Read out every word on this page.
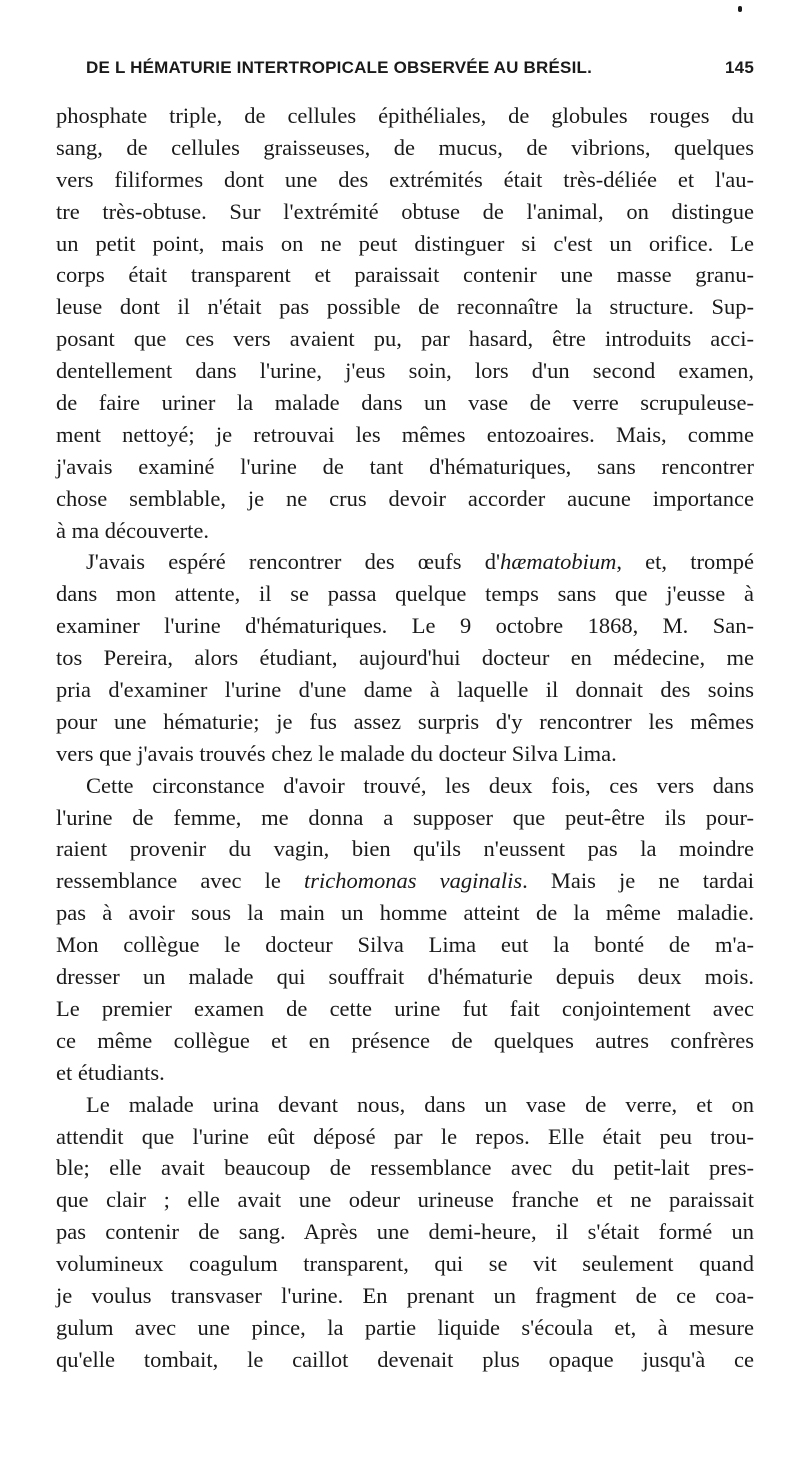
DE L HÉMATURIE INTERTROPICALE OBSERVÉE AU BRÉSIL.	145
phosphate triple, de cellules épithéliales, de globules rouges du
sang, de cellules graisseuses, de mucus, de vibrions, quelques
vers filiformes dont une des extrémités était très-déliée et l'au-
tre très-obtuse. Sur l'extrémité obtuse de l'animal, on distingue
un petit point, mais on ne peut distinguer si c'est un orifice. Le
corps était transparent et paraissait contenir une masse granu-
leuse dont il n'était pas possible de reconnaître la structure. Sup-
posant que ces vers avaient pu, par hasard, être introduits acci-
dentellement dans l'urine, j'eus soin, lors d'un second examen,
de faire uriner la malade dans un vase de verre scrupuleuse-
ment nettoyé; je retrouvai les mêmes entozoaires. Mais, comme
j'avais examiné l'urine de tant d'hématuriques, sans rencontrer
chose semblable, je ne crus devoir accorder aucune importance
à ma découverte.
J'avais espéré rencontrer des œufs d'hæmatobium, et, trompé
dans mon attente, il se passa quelque temps sans que j'eusse à
examiner l'urine d'hématuriques. Le 9 octobre 1868, M. San-
tos Pereira, alors étudiant, aujourd'hui docteur en médecine, me
pria d'examiner l'urine d'une dame à laquelle il donnait des soins
pour une hématurie; je fus assez surpris d'y rencontrer les mêmes
vers que j'avais trouvés chez le malade du docteur Silva Lima.
Cette circonstance d'avoir trouvé, les deux fois, ces vers dans
l'urine de femme, me donna a supposer que peut-être ils pour-
raient provenir du vagin, bien qu'ils n'eussent pas la moindre
ressemblance avec le trichomonas vaginalis. Mais je ne tardai
pas à avoir sous la main un homme atteint de la même maladie.
Mon collègue le docteur Silva Lima eut la bonté de m'a-
dresser un malade qui souffrait d'hématurie depuis deux mois.
Le premier examen de cette urine fut fait conjointement avec
ce même collègue et en présence de quelques autres confrères
et étudiants.
Le malade urina devant nous, dans un vase de verre, et on
attendit que l'urine eût déposé par le repos. Elle était peu trou-
ble; elle avait beaucoup de ressemblance avec du petit-lait pres-
que clair ; elle avait une odeur urineuse franche et ne paraissait
pas contenir de sang. Après une demi-heure, il s'était formé un
volumineux coagulum transparent, qui se vit seulement quand
je voulus transvaser l'urine. En prenant un fragment de ce coa-
gulum avec une pince, la partie liquide s'écoula et, à mesure
qu'elle tombait, le caillot devenait plus opaque jusqu'à ce
